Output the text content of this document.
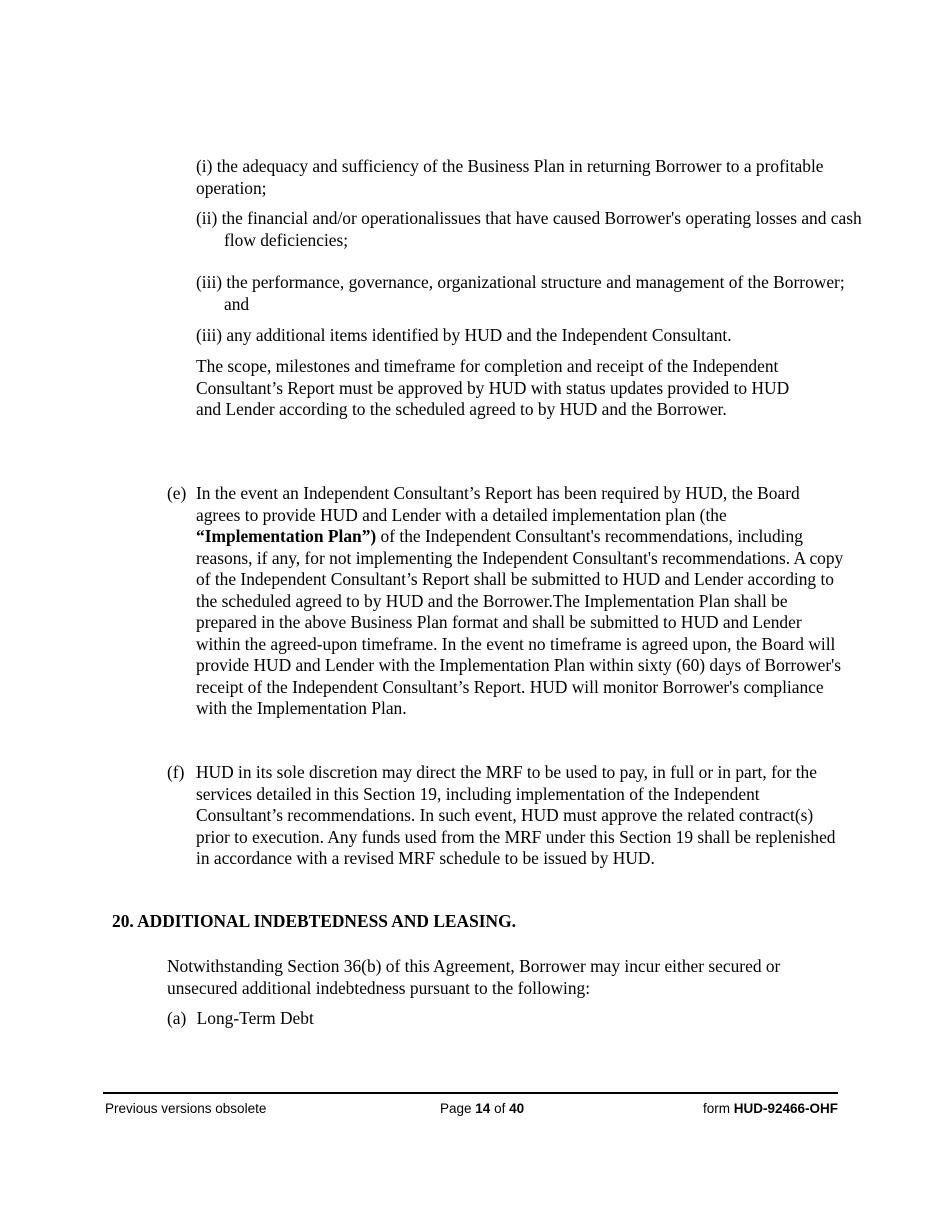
(i) the adequacy and sufficiency of the Business Plan in returning Borrower to a profitable operation;

(ii) the financial and/or operationalissues that have caused Borrower's operating losses and cash flow deficiencies;

(iii) the performance, governance, organizational structure and management of the Borrower; and

(iii) any additional items identified by HUD and the Independent Consultant.

The scope, milestones and timeframe for completion and receipt of the Independent Consultant’s Report must be approved by HUD with status updates provided to HUD and Lender according to the scheduled agreed to by HUD and the Borrower.

(e) In the event an Independent Consultant’s Report has been required by HUD, the Board agrees to provide HUD and Lender with a detailed implementation plan (the “Implementation Plan”) of the Independent Consultant's recommendations, including reasons, if any, for not implementing the Independent Consultant's recommendations. A copy of the Independent Consultant’s Report shall be submitted to HUD and Lender according to the scheduled agreed to by HUD and the Borrower.The Implementation Plan shall be prepared in the above Business Plan format and shall be submitted to HUD and Lender within the agreed-upon timeframe. In the event no timeframe is agreed upon, the Board will provide HUD and Lender with the Implementation Plan within sixty (60) days of Borrower's receipt of the Independent Consultant’s Report. HUD will monitor Borrower's compliance with the Implementation Plan.
(f) HUD in its sole discretion may direct the MRF to be used to pay, in full or in part, for the services detailed in this Section 19, including implementation of the Independent Consultant’s recommendations. In such event, HUD must approve the related contract(s) prior to execution. Any funds used from the MRF under this Section 19 shall be replenished in accordance with a revised MRF schedule to be issued by HUD.

20. ADDITIONAL INDEBTEDNESS AND LEASING.

Notwithstanding Section 36(b) of this Agreement, Borrower may incur either secured or unsecured additional indebtedness pursuant to the following:

(a) Long-Term Debt
Previous versions obsolete	Page 14 of 40	form HUD-92466-OHF
